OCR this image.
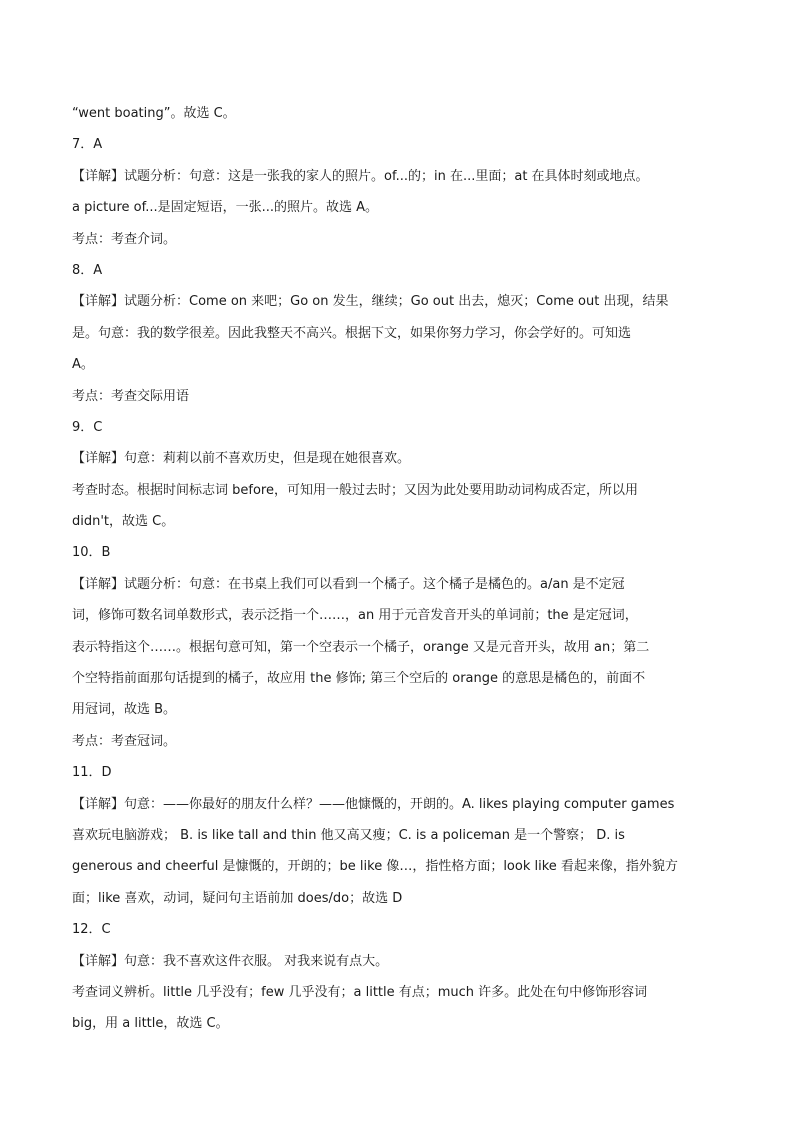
“went boating”。故选 C。

7．A

【详解】试题分析：句意：这是一张我的家人的照片。of...的；in 在...里面；at 在具体时刻或地点。

a picture of...是固定短语，一张...的照片。故选 A。

考点：考查介词。

8．A

【详解】试题分析：Come on 来吧；Go on 发生，继续；Go out 出去，熄灭；Come out 出现，结果

是。句意：我的数学很差。因此我整天不高兴。根据下文，如果你努力学习，你会学好的。可知选

A。

考点：考查交际用语

9．C

【详解】句意：莉莉以前不喜欢历史，但是现在她很喜欢。

考查时态。根据时间标志词 before，可知用一般过去时；又因为此处要用助动词构成否定，所以用

didn't，故选 C。

10．B

【详解】试题分析：句意：在书桌上我们可以看到一个橘子。这个橘子是橘色的。a/an 是不定冠

词，修饰可数名词单数形式，表示泛指一个……，an 用于元音发音开头的单词前；the 是定冠词，

表示特指这个……。根据句意可知，第一个空表示一个橘子，orange 又是元音开头，故用 an；第二

个空特指前面那句话提到的橘子，故应用 the 修饰; 第三个空后的 orange 的意思是橘色的，前面不

用冠词，故选 B。

考点：考查冠词。

11．D

【详解】句意：——你最好的朋友什么样？——他慷慨的，开朗的。A. likes playing computer games

喜欢玩电脑游戏； B. is like tall and thin 他又高又瘦；C. is a policeman 是一个警察； D. is

generous and cheerful 是慷慨的，开朗的；be like 像…，指性格方面；look like 看起来像，指外貌方

面；like 喜欢，动词，疑问句主语前加 does/do；故选 D

12．C

【详解】句意：我不喜欢这件衣服。 对我来说有点大。

考查词义辨析。little 几乎没有；few 几乎没有；a little 有点；much 许多。此处在句中修饰形容词

big，用 a little，故选 C。
